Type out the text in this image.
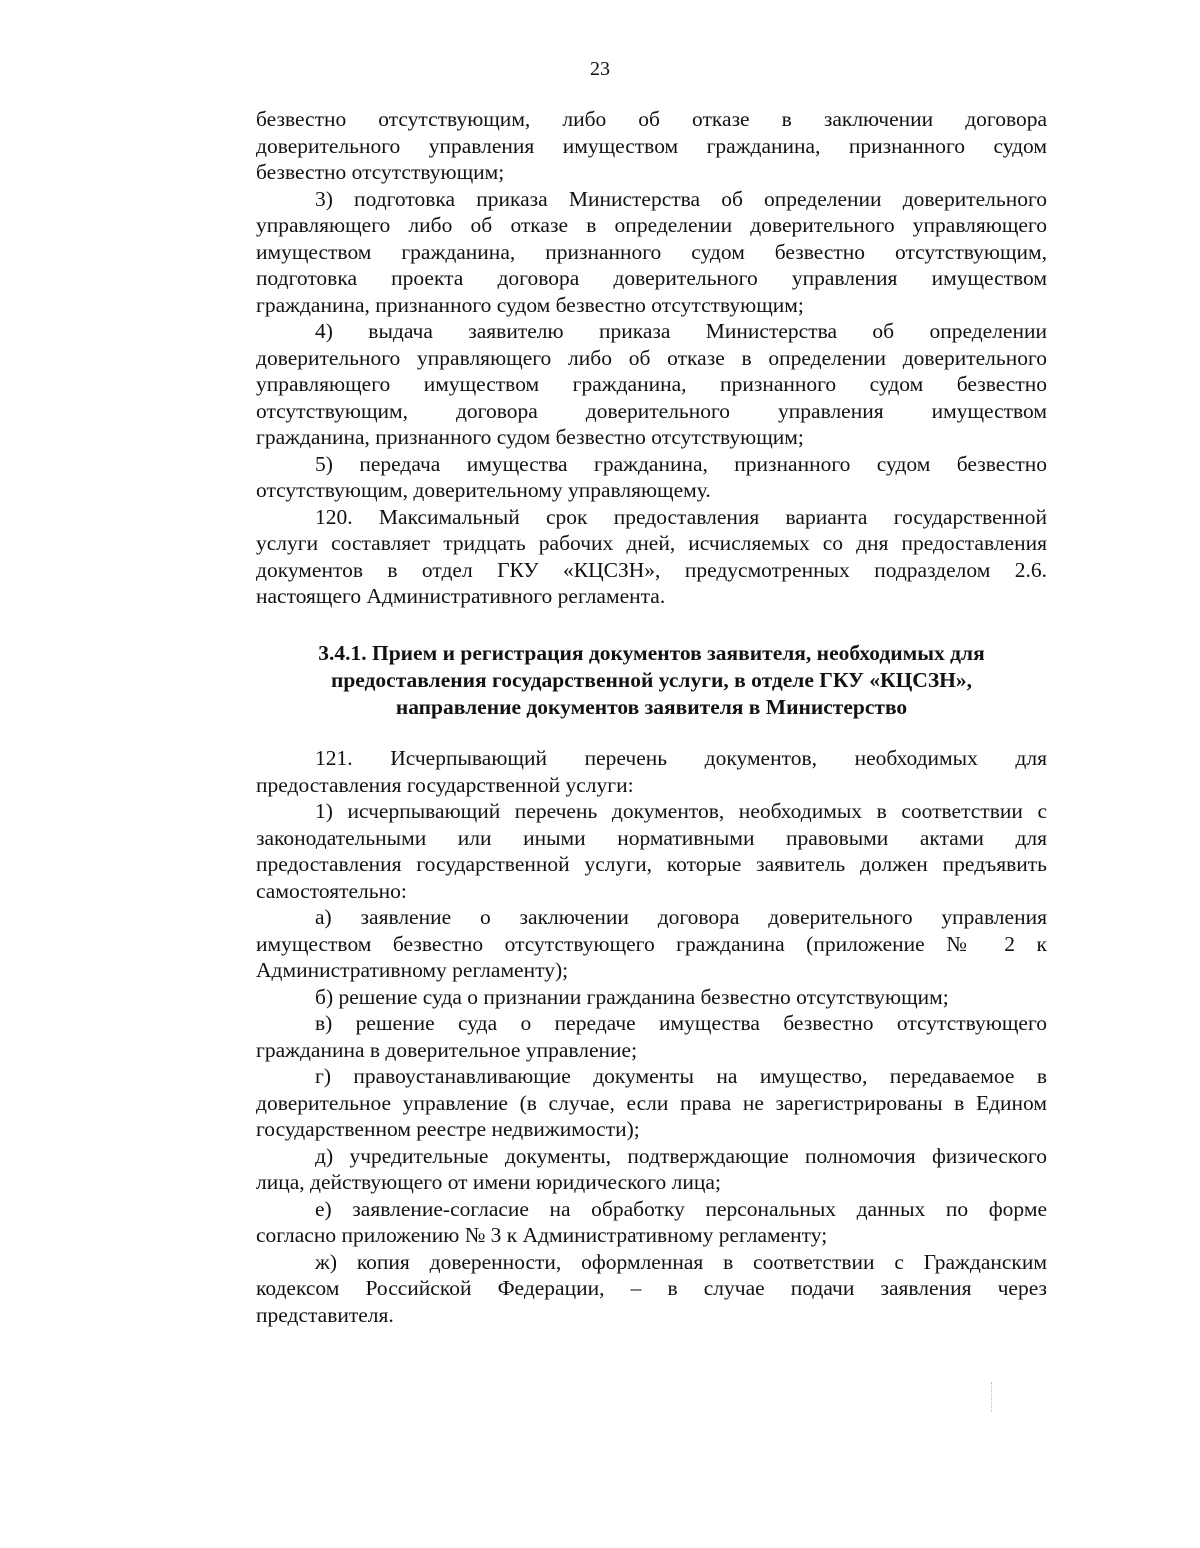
23

безвестно отсутствующим, либо об отказе в заключении договора
доверительного управления имуществом гражданина, признанного судом
безвестно отсутствующим;

3) подготовка приказа Министерства об определении доверительного
управляющего либо об отказе в определении доверительного управляющего
имуществом гражданина, признанного судом безвестно отсутствующим,
подготовка проекта договора доверительного управления имуществом
гражданина, признанного судом безвестно отсутствующим;

4) выдача заявителю приказа Министерства об определении
доверительного управляющего либо об отказе в определении доверительного
управляющего имуществом гражданина, признанного судом безвестно
отсутствующим, договора доверительного управления имуществом
гражданина, признанного судом безвестно отсутствующим;

5) передача имущества гражданина, признанного судом безвестно
отсутствующим, доверительному управляющему.

120. Максимальный срок предоставления варианта государственной
услуги составляет тридцать рабочих дней, исчисляемых со дня предоставления
документов в отдел ГКУ «КЦСЗН», предусмотренных подразделом 2.6.
настоящего Административного регламента.

3.4.1. Прием и регистрация документов заявителя, необходимых для
предоставления государственной услуги, в отделе ГКУ «КЦСЗН»,
направление документов заявителя в Министерство

121. Исчерпывающий перечень документов, необходимых для
предоставления государственной услуги:

1) исчерпывающий перечень документов, необходимых в соответствии с
законодательными или иными нормативными правовыми актами для
предоставления государственной услуги, которые заявитель должен предъявить
самостоятельно:

а) заявление о заключении договора доверительного управления
имуществом безвестно отсутствующего гражданина (приложение № 2 к
Административному регламенту);

б) решение суда о признании гражданина безвестно отсутствующим;

в) решение суда о передаче имущества безвестно отсутствующего
гражданина в доверительное управление;

г) правоустанавливающие документы на имущество, передаваемое в
доверительное управление (в случае, если права не зарегистрированы в Едином
государственном реестре недвижимости);

д) учредительные документы, подтверждающие полномочия физического
лица, действующего от имени юридического лица;

е) заявление-согласие на обработку персональных данных по форме
согласно приложению № 3 к Административному регламенту;

ж) копия доверенности, оформленная в соответствии с Гражданским
кодексом Российской Федерации, – в случае подачи заявления через
представителя.
